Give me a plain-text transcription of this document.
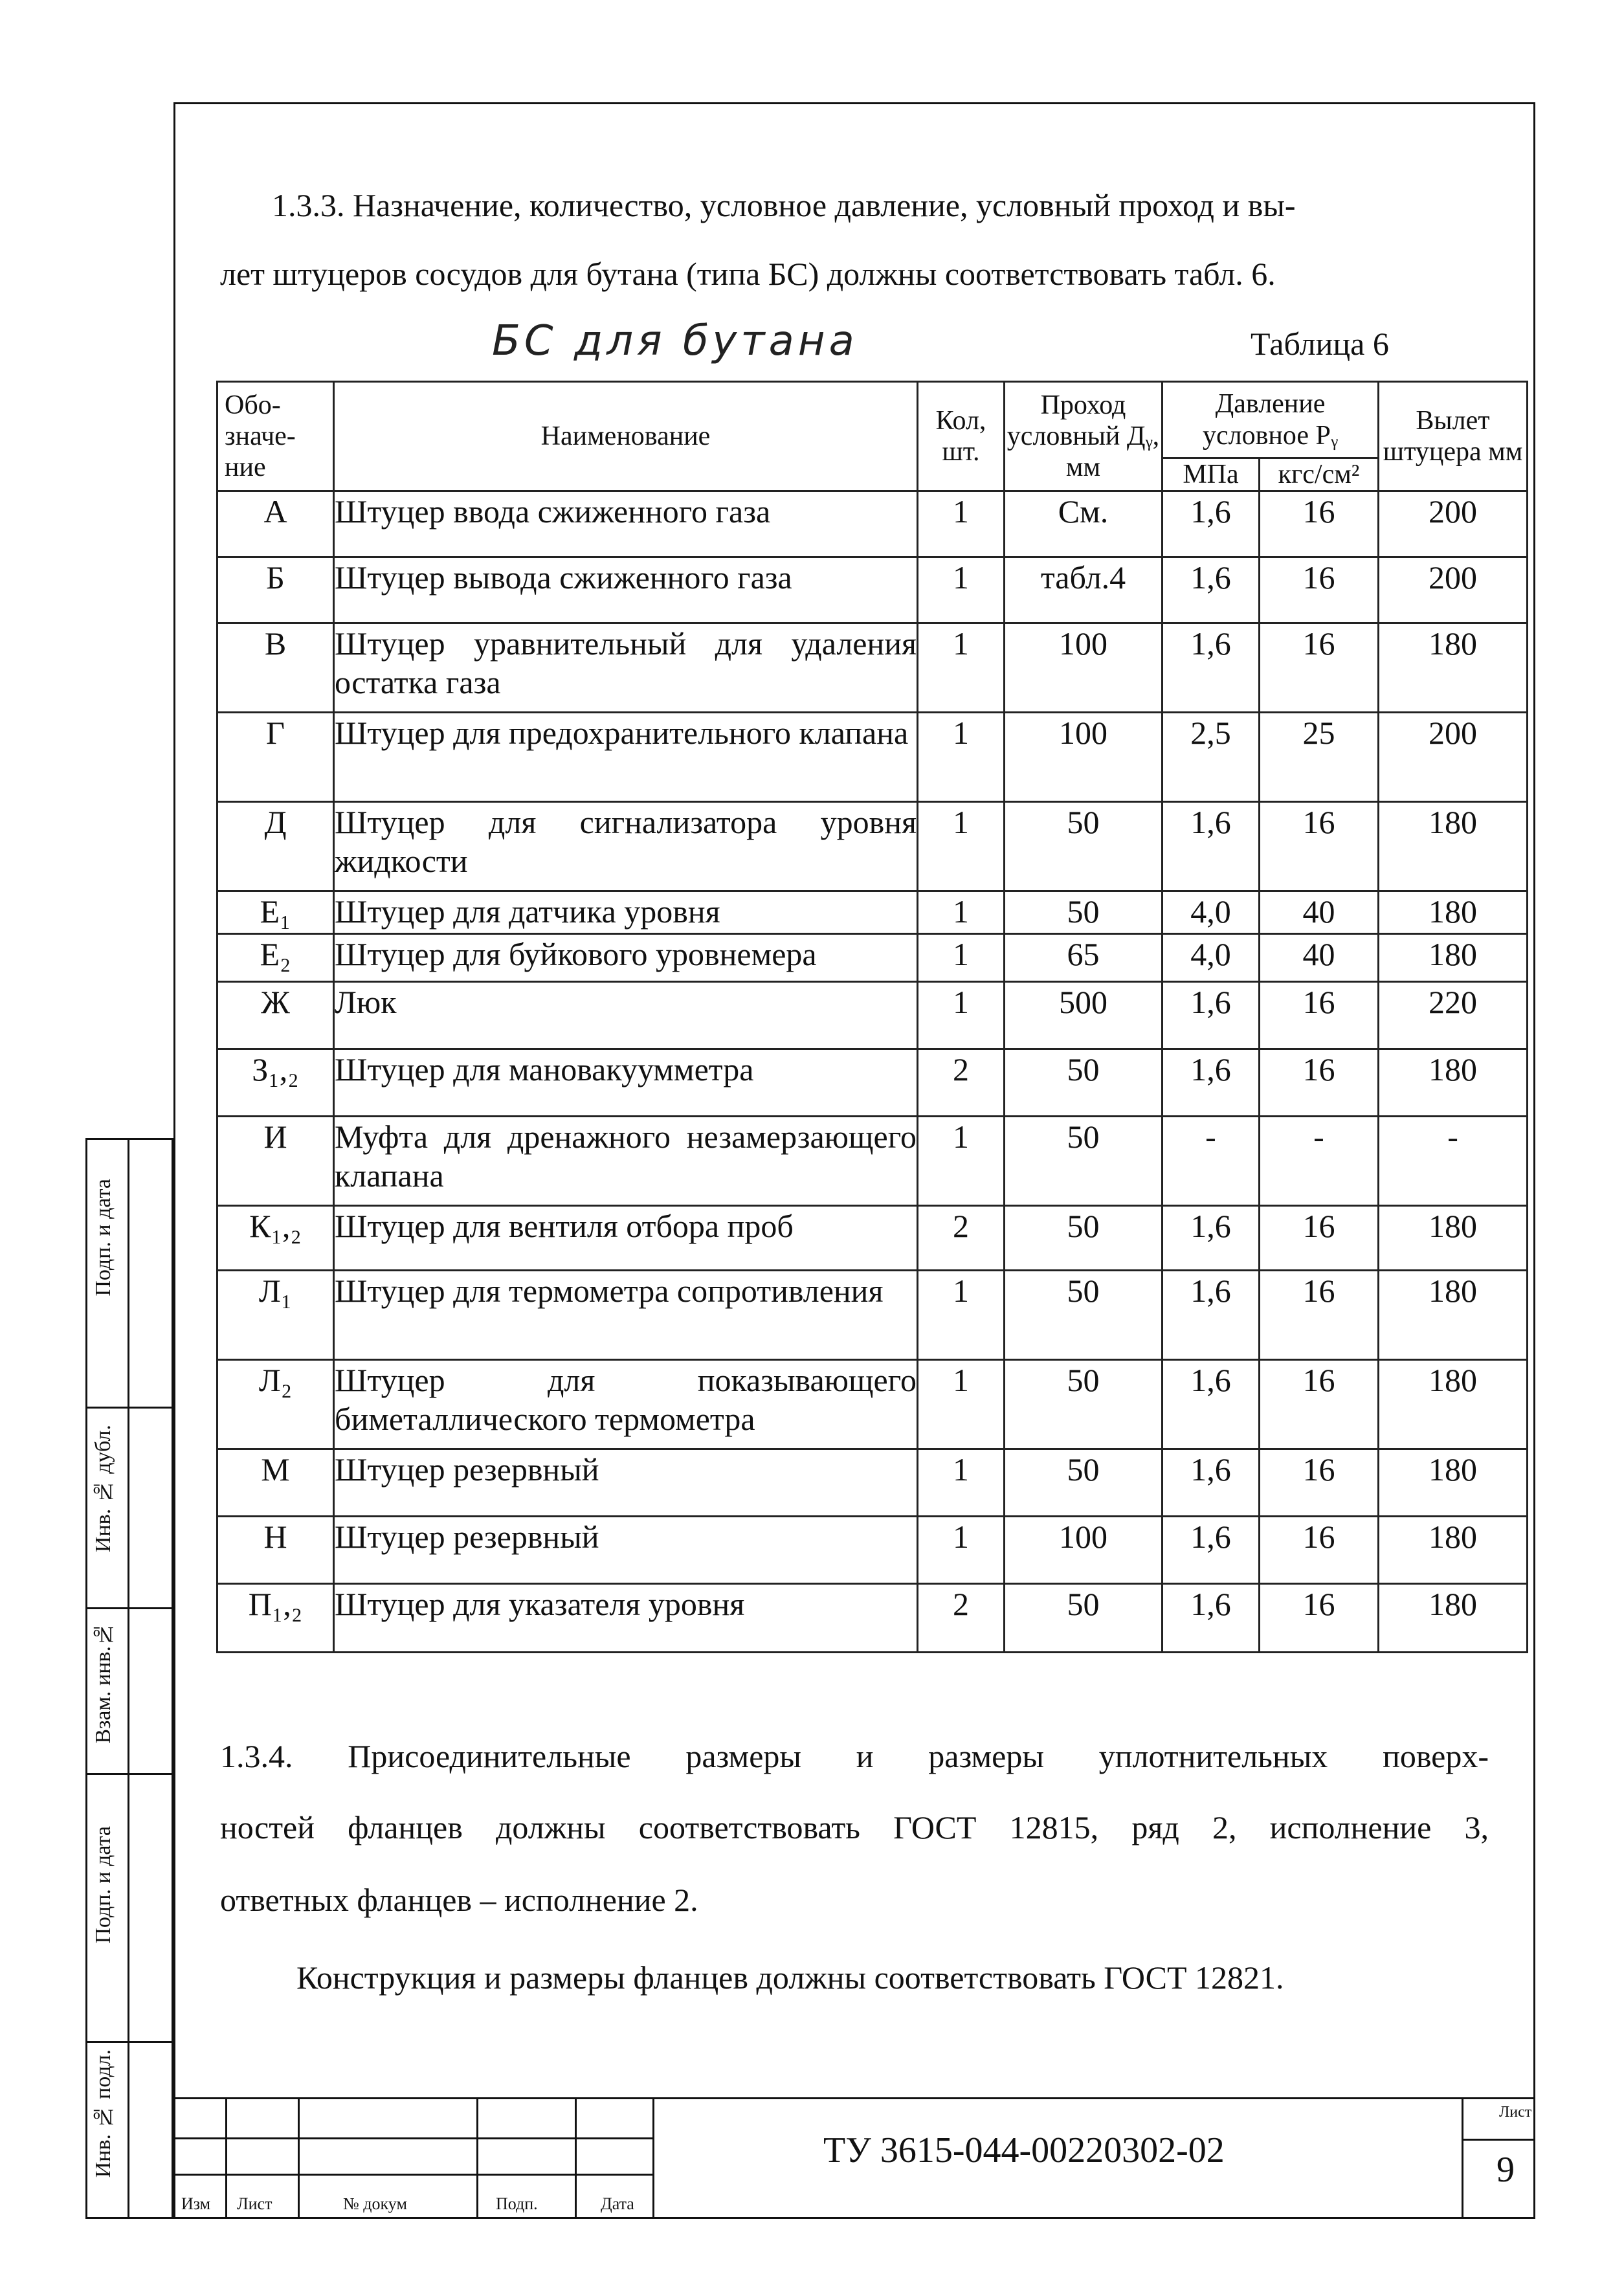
1.3.3. Назначение, количество, условное давление, условный проход и вы-
лет штуцеров сосудов для бутана (типа БС) должны соответствовать табл. 6.
БС для бутана	Таблица 6
Обо-значе-ние	Наименование	Кол, шт.	Проход условный Дᵧ, мм	Давление условное Pᵧ		Вылет штуцера мм
				МПа	кгс/см²	
А	Штуцер ввода сжиженного газа	1	См.	1,6	16	200
Б	Штуцер вывода сжиженного газа	1	табл.4	1,6	16	200
В	Штуцер уравнительный для удаления остатка газа	1	100	1,6	16	180
Г	Штуцер для предохранительного клапана	1	100	2,5	25	200
Д	Штуцер для сигнализатора уровня жидкости	1	50	1,6	16	180
Е₁	Штуцер для датчика уровня	1	50	4,0	40	180
Е₂	Штуцер для буйкового уровнемера	1	65	4,0	40	180
Ж	Люк	1	500	1,6	16	220
З₁,₂	Штуцер для мановакуумметра	2	50	1,6	16	180
И	Муфта для дренажного незамерзающего клапана	1	50	-	-	-
К₁,₂	Штуцер для вентиля отбора проб	2	50	1,6	16	180
Л₁	Штуцер для термометра сопротивления	1	50	1,6	16	180
Л₂	Штуцер для показывающего биметаллического термометра	1	50	1,6	16	180
М	Штуцер резервный	1	50	1,6	16	180
Н	Штуцер резервный	1	100	1,6	16	180
П₁,₂	Штуцер для указателя уровня	2	50	1,6	16	180
1.3.4. Присоединительные размеры и размеры уплотнительных поверх-
ностей фланцев должны соответствовать ГОСТ 12815, ряд 2, исполнение 3,
ответных фланцев – исполнение 2.
Конструкция и размеры фланцев должны соответствовать ГОСТ 12821.
Изм Лист	№ докум	Подп.	Дата
ТУ 3615-044-00220302-02
Лист
9
Подп. и дата
Инв. № дубл.
Взам. инв.№
Подп. и дата
Инв. № подл.
